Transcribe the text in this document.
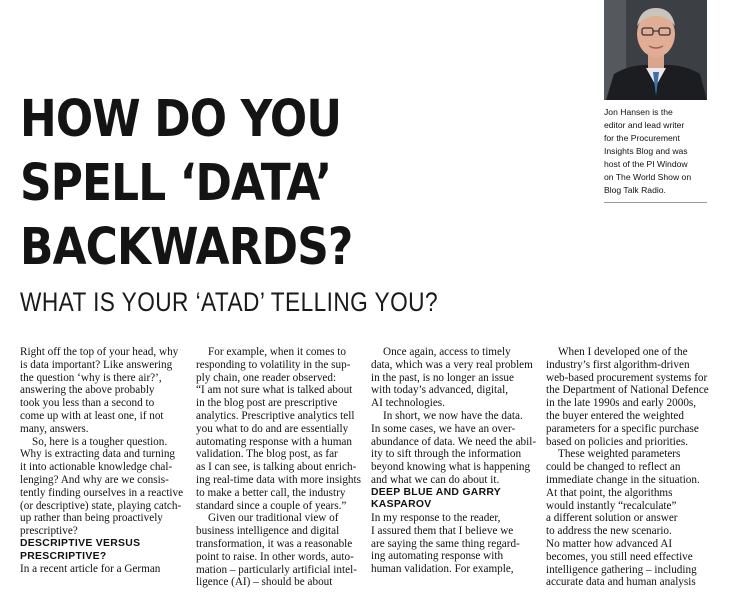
Jon Hansen is the
editor and lead writer
for the Procurement
Insights Blog and was
host of the PI Window
on The World Show on
Blog Talk Radio.
HOW DO YOU
SPELL ‘DATA’
BACKWARDS?
WHAT IS YOUR ‘ATAD’ TELLING YOU?

Right off the top of your head, why
is data important? Like answering
the question ‘why is there air?’,
answering the above probably
took you less than a second to
come up with at least one, if not
many, answers.

So, here is a tougher question.
Why is extracting data and turning
it into actionable knowledge chal-
lenging? And why are we consis-
tently finding ourselves in a reactive
(or descriptive) state, playing catch-
up rather than being proactively
prescriptive?

DESCRIPTIVE VERSUS
PRESCRIPTIVE?

In a recent article for a German

For example, when it comes to
responding to volatility in the sup-
ply chain, one reader observed:
“I am not sure what is talked about
in the blog post are prescriptive
analytics. Prescriptive analytics tell
you what to do and are essentially
automating response with a human
validation. The blog post, as far
as I can see, is talking about enrich-
ing real-time data with more insights
to make a better call, the industry
standard since a couple of years.”

Given our traditional view of
business intelligence and digital
transformation, it was a reasonable
point to raise. In other words, auto-
mation – particularly artificial intel-
ligence (AI) – should be about

Once again, access to timely
data, which was a very real problem
in the past, is no longer an issue
with today’s advanced, digital,
AI technologies.

In short, we now have the data.
In some cases, we have an over-
abundance of data. We need the abil-
ity to sift through the information
beyond knowing what is happening
and what we can do about it.

DEEP BLUE AND GARRY
KASPAROV

In my response to the reader,
I assured them that I believe we
are saying the same thing regard-
ing automating response with
human validation. For example,

When I developed one of the
industry’s first algorithm-driven
web-based procurement systems for
the Department of National Defence
in the late 1990s and early 2000s,
the buyer entered the weighted
parameters for a specific purchase
based on policies and priorities.

These weighted parameters
could be changed to reflect an
immediate change in the situation.
At that point, the algorithms
would instantly “recalculate”
a different solution or answer
to address the new scenario.
No matter how advanced AI
becomes, you still need effective
intelligence gathering – including
accurate data and human analysis
